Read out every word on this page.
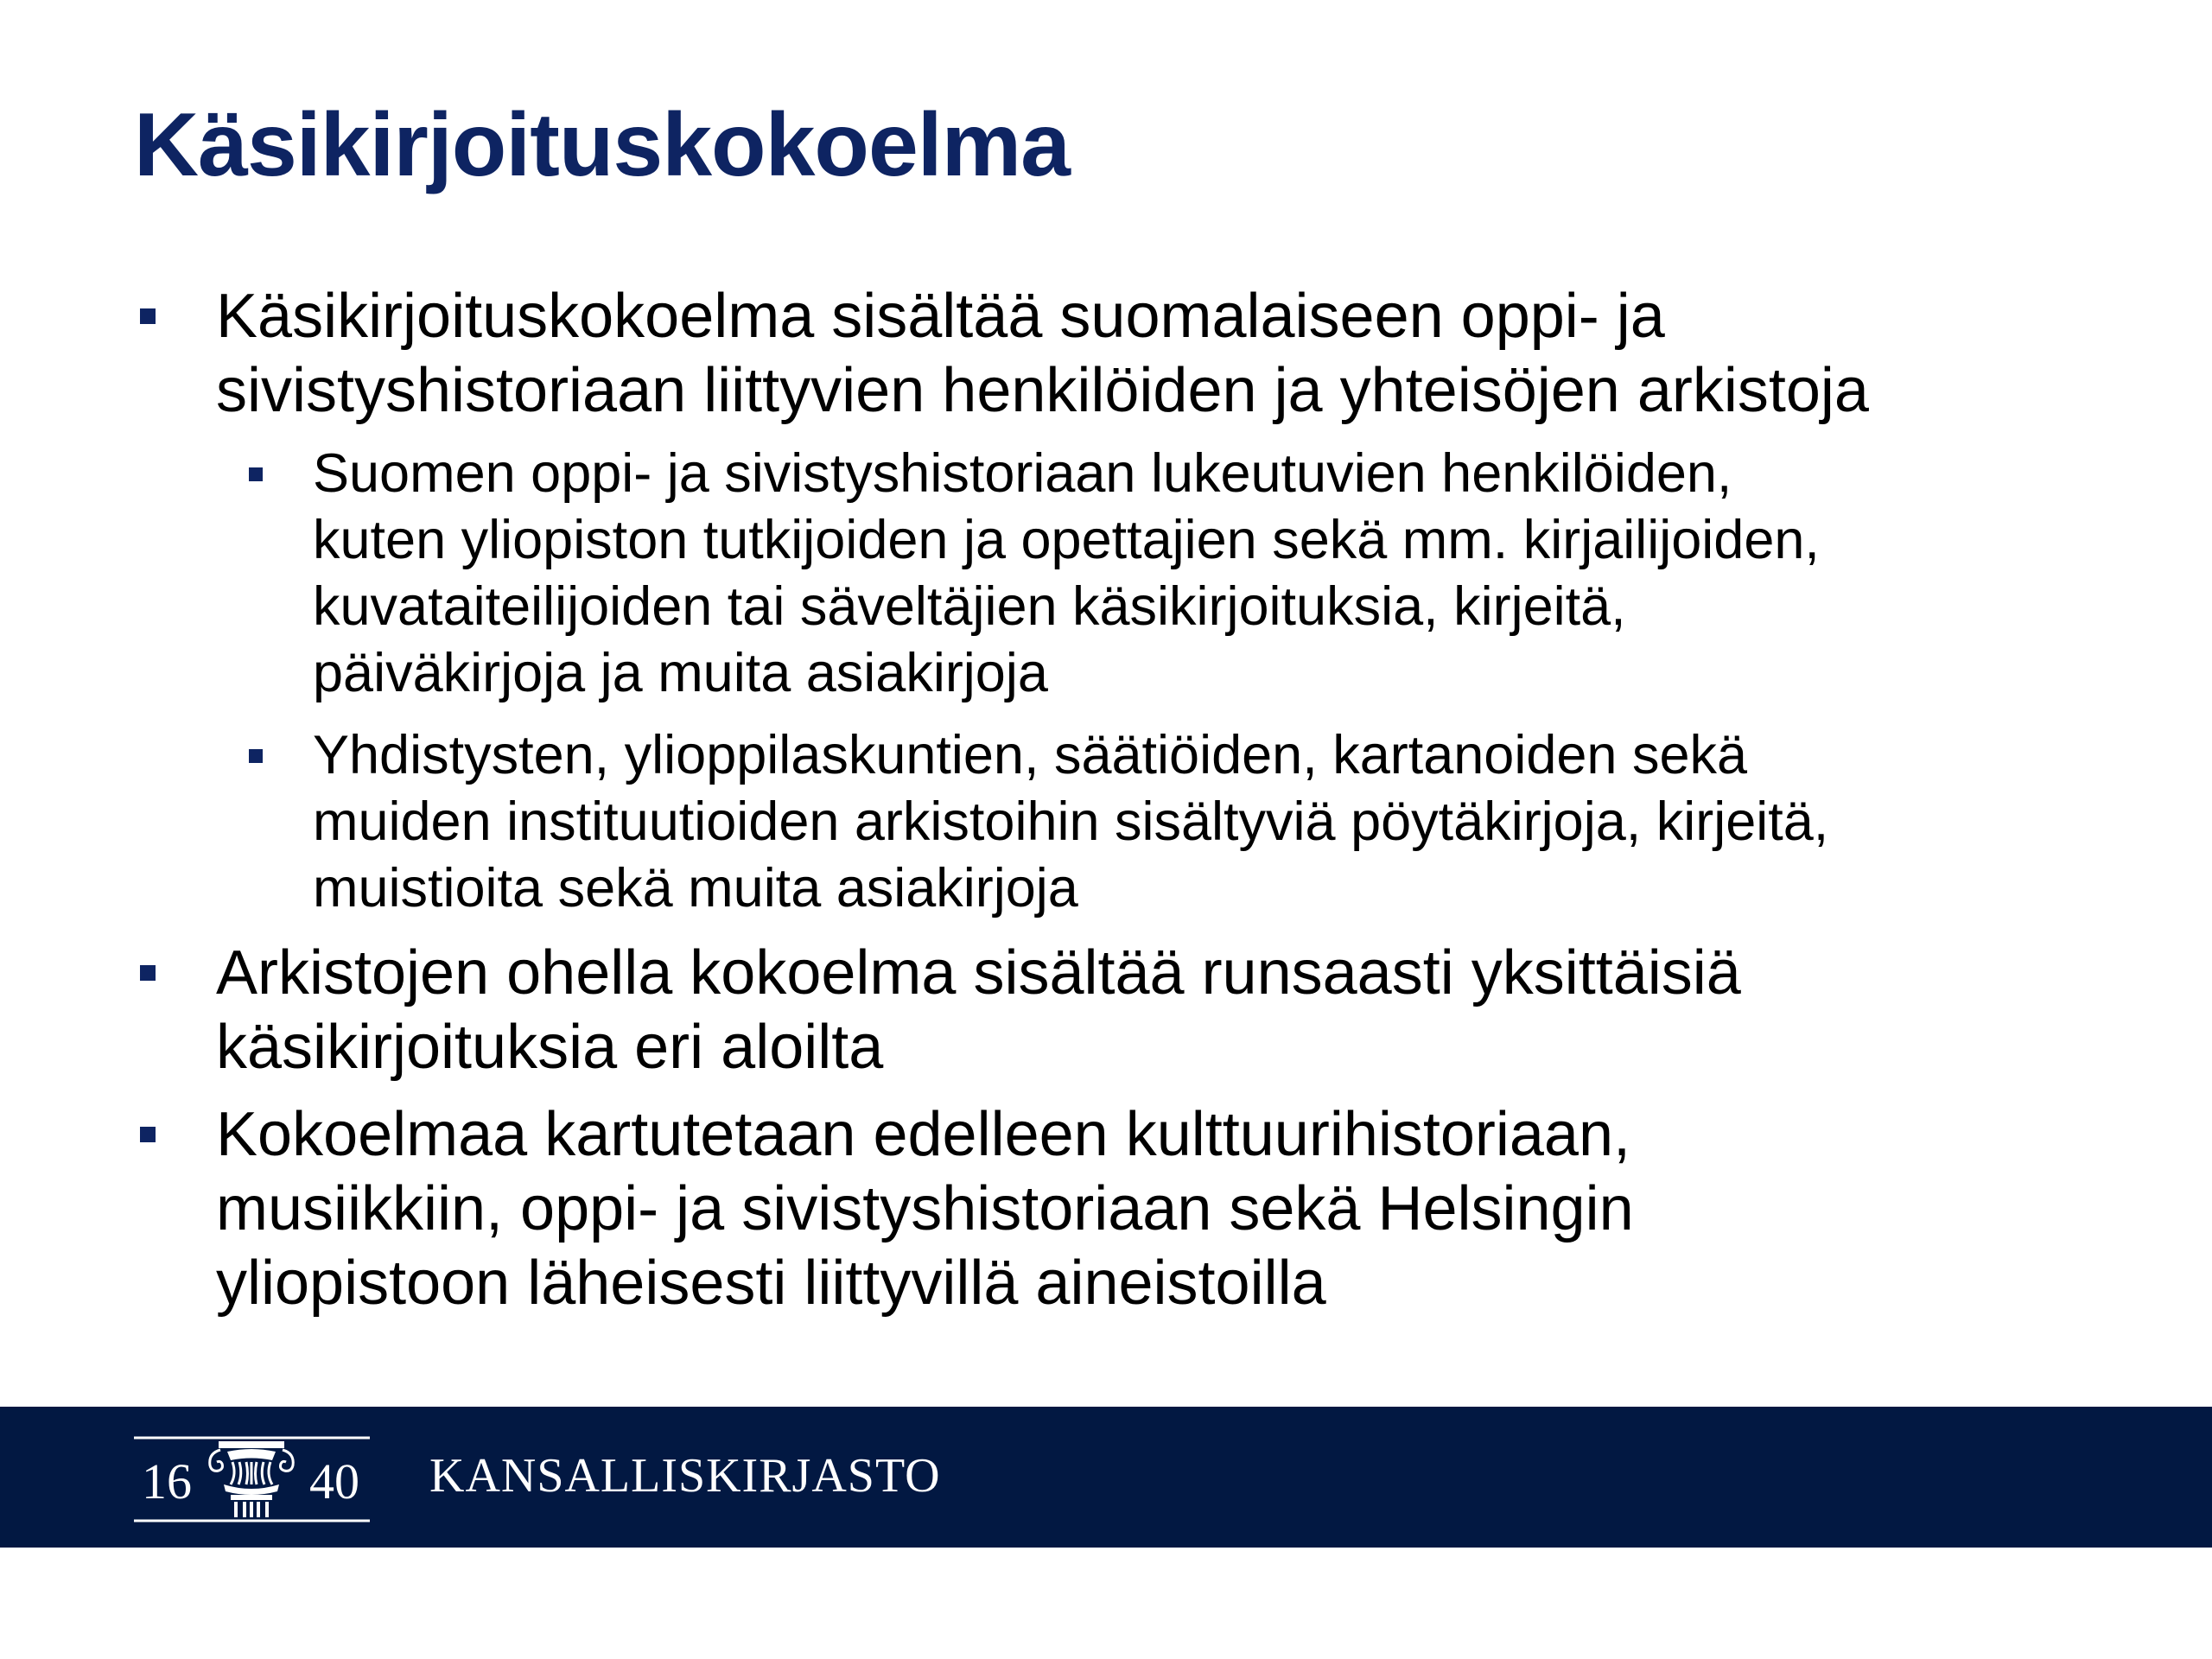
Käsikirjoituskokoelma
Käsikirjoituskokoelma sisältää suomalaiseen oppi- ja
sivistyshistoriaan liittyvien henkilöiden ja yhteisöjen arkistoja
Suomen oppi- ja sivistyshistoriaan lukeutuvien henkilöiden,
kuten yliopiston tutkijoiden ja opettajien sekä mm. kirjailijoiden,
kuvataiteilijoiden tai säveltäjien käsikirjoituksia, kirjeitä,
päiväkirjoja ja muita asiakirjoja
Yhdistysten, ylioppilaskuntien, säätiöiden, kartanoiden sekä
muiden instituutioiden arkistoihin sisältyviä pöytäkirjoja, kirjeitä,
muistioita sekä muita asiakirjoja
Arkistojen ohella kokoelma sisältää runsaasti yksittäisiä
käsikirjoituksia eri aloilta
Kokoelmaa kartutetaan edelleen kulttuurihistoriaan,
musiikkiin, oppi- ja sivistyshistoriaan sekä Helsingin
yliopistoon läheisesti liittyvillä aineistoilla
16 40 KANSALLISKIRJASTO
